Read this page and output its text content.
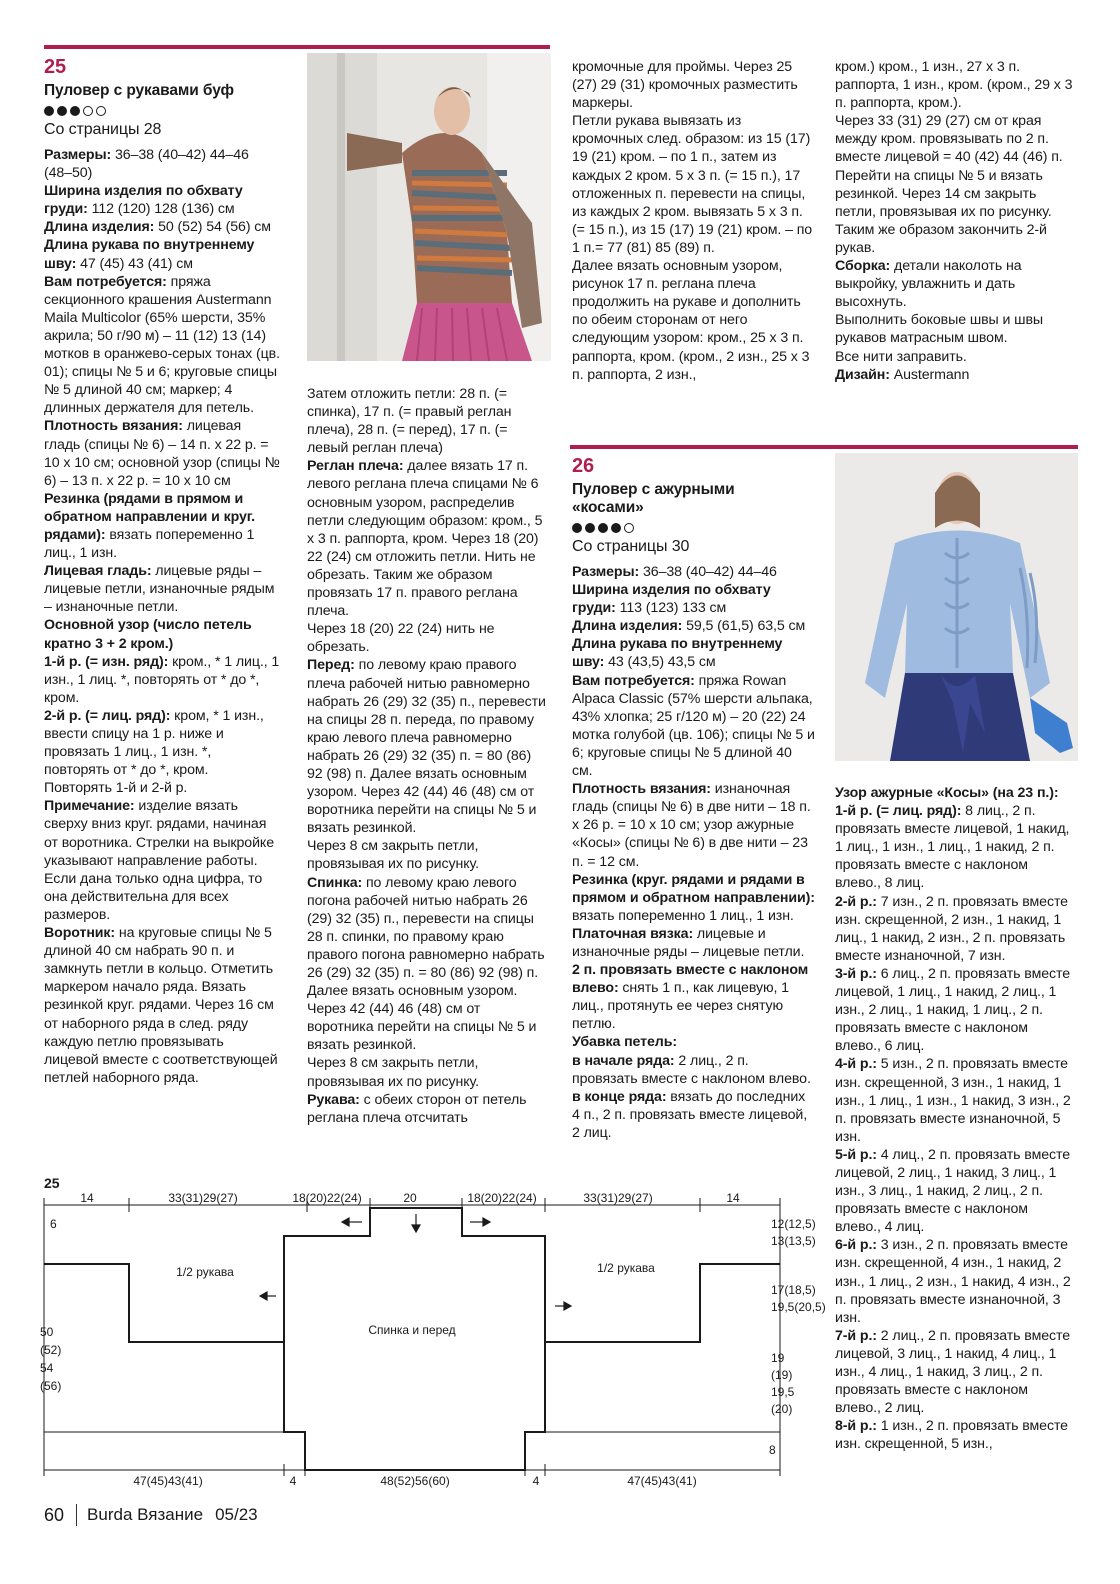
25
Пуловер с рукавами буф
Со страницы 28

Размеры: 36–38 (40–42) 44–46 (48–50)

Ширина изделия по обхвату груди: 112 (120) 128 (136) см

Длина изделия: 50 (52) 54 (56) см

Длина рукава по внутреннему шву: 47 (45) 43 (41) см

Вам потребуется: пряжа секционного крашения Austermann Maila Multicolor (65% шерсти, 35% акрила; 50 г/90 м) – 11 (12) 13 (14) мотков в оранжево-серых тонах (цв. 01); спицы № 5 и 6; круговые спицы № 5 длиной 40 см; маркер; 4 длинных держателя для петель.

Плотность вязания: лицевая гладь (спицы № 6) – 14 п. х 22 р. = 10 х 10 см; основной узор (спицы № 6) – 13 п. х 22 р. = 10 х 10 см

Резинка (рядами в прямом и обратном направлении и круг. рядами): вязать попеременно 1 лиц., 1 изн.

Лицевая гладь: лицевые ряды – лицевые петли, изнаночные рядым – изнаночные петли.

Основной узор (число петель кратно 3 + 2 кром.)

1-й р. (= изн. ряд): кром., * 1 лиц., 1 изн., 1 лиц. *, повторять от * до *, кром.

2-й р. (= лиц. ряд): кром, * 1 изн., ввести спицу на 1 р. ниже и провязать 1 лиц., 1 изн. *, повторять от * до *, кром. Повторять 1-й и 2-й р.

Примечание: изделие вязать сверху вниз круг. рядами, начиная от воротника. Стрелки на выкройке указывают направление работы. Если дана только одна цифра, то она действительна для всех размеров.

Воротник: на круговые спицы № 5 длиной 40 см набрать 90 п. и замкнуть петли в кольцо. Отметить маркером начало ряда. Вязать резинкой круг. рядами. Через 16 см от наборного ряда в след. ряду каждую петлю провязывать лицевой вместе с соответствующей петлей наборного ряда.

Затем отложить петли: 28 п. (= спинка), 17 п. (= правый реглан плеча), 28 п. (= перед), 17 п. (= левый реглан плеча)

Реглан плеча: далее вязать 17 п. левого реглана плеча спицами № 6 основным узором, распределив петли следующим образом: кром., 5 х 3 п. раппорта, кром. Через 18 (20) 22 (24) см отложить петли. Нить не обрезать. Таким же образом провязать 17 п. правого реглана плеча.

Через 18 (20) 22 (24) нить не обрезать.

Перед: по левому краю правого плеча рабочей нитью равномерно набрать 26 (29) 32 (35) п., перевести на спицы 28 п. переда, по правому краю левого плеча равномерно набрать 26 (29) 32 (35) п. = 80 (86) 92 (98) п. Далее вязать основным узором. Через 42 (44) 46 (48) см от воротника перейти на спицы № 5 и вязать резинкой.

Через 8 см закрыть петли, провязывая их по рисунку.

Спинка: по левому краю левого погона рабочей нитью набрать 26 (29) 32 (35) п., перевести на спицы 28 п. спинки, по правому краю правого погона равномерно набрать 26 (29) 32 (35) п. = 80 (86) 92 (98) п.

Далее вязать основным узором. Через 42 (44) 46 (48) см от воротника перейти на спицы № 5 и вязать резинкой.

Через 8 см закрыть петли, провязывая их по рисунку.

Рукава: с обеих сторон от петель реглана плеча отсчитать

кромочные для проймы. Через 25 (27) 29 (31) кромочных разместить маркеры.

Петли рукава вывязать из кромочных след. образом: из 15 (17) 19 (21) кром. – по 1 п., затем из каждых 2 кром. 5 х 3 п. (= 15 п.), 17 отложенных п. перевести на спицы, из каждых 2 кром. вывязать 5 х 3 п. (= 15 п.), из 15 (17) 19 (21) кром. – по 1 п.= 77 (81) 85 (89) п.

Далее вязать основным узором, рисунок 17 п. реглана плеча продолжить на рукаве и дополнить по обеим сторонам от него следующим узором: кром., 25 х 3 п. раппорта, кром. (кром., 2 изн., 25 х 3 п. раппорта, 2 изн.,

кром.) кром., 1 изн., 27 х 3 п. раппорта, 1 изн., кром. (кром., 29 х 3 п. раппорта, кром.).

Через 33 (31) 29 (27) см от края между кром. провязывать по 2 п. вместе лицевой = 40 (42) 44 (46) п.

Перейти на спицы № 5 и вязать резинкой. Через 14 см закрыть петли, провязывая их по рисунку. Таким же образом закончить 2-й рукав.

Сборка: детали наколоть на выкройку, увлажнить и дать высохнуть.

Выполнить боковые швы и швы рукавов матрасным швом.

Все нити заправить.

Дизайн: Austermann

26
Пуловер с ажурными «косами»
Со страницы 30

Размеры: 36–38 (40–42) 44–46

Ширина изделия по обхвату груди: 113 (123) 133 см

Длина изделия: 59,5 (61,5) 63,5 см

Длина рукава по внутреннему шву: 43 (43,5) 43,5 см

Вам потребуется: пряжа Rowan Alpaca Classic (57% шерсти альпака, 43% хлопка; 25 г/120 м) – 20 (22) 24 мотка голубой (цв. 106); спицы № 5 и 6; круговые спицы № 5 длиной 40 см.

Плотность вязания: изнаночная гладь (спицы № 6) в две нити – 18 п. х 26 р. = 10 х 10 см; узор ажурные «Косы» (спицы № 6) в две нити – 23 п. = 12 см.

Резинка (круг. рядами и рядами в прямом и обратном направлении): вязать попеременно 1 лиц., 1 изн.

Платочная вязка: лицевые и изнаночные ряды – лицевые петли.

2 п. провязать вместе с наклоном влево: снять 1 п., как лицевую, 1 лиц., протянуть ее через снятую петлю.

Убавка петель:

в начале ряда: 2 лиц., 2 п. провязать вместе с наклоном влево.

в конце ряда: вязать до последних 4 п., 2 п. провязать вместе лицевой, 2 лиц.

Узор ажурные «Косы» (на 23 п.):

1-й р. (= лиц. ряд): 8 лиц., 2 п. провязать вместе лицевой, 1 накид, 1 лиц., 1 изн., 1 лиц., 1 накид, 2 п. провязать вместе с наклоном влево., 8 лиц.

2-й р.: 7 изн., 2 п. провязать вместе изн. скрещенной, 2 изн., 1 накид, 1 лиц., 1 накид, 2 изн., 2 п. провязать вместе изнаночной, 7 изн.

3-й р.: 6 лиц., 2 п. провязать вместе лицевой, 1 лиц., 1 накид, 2 лиц., 1 изн., 2 лиц., 1 накид, 1 лиц., 2 п. провязать вместе с наклоном влево., 6 лиц.

4-й р.: 5 изн., 2 п. провязать вместе изн. скрещенной, 3 изн., 1 накид, 1 изн., 1 лиц., 1 изн., 1 накид, 3 изн., 2 п. провязать вместе изнаночной, 5 изн.

5-й р.: 4 лиц., 2 п. провязать вместе лицевой, 2 лиц., 1 накид, 3 лиц., 1 изн., 3 лиц., 1 накид, 2 лиц., 2 п. провязать вместе с наклоном влево., 4 лиц.

6-й р.: 3 изн., 2 п. провязать вместе изн. скрещенной, 4 изн., 1 накид, 2 изн., 1 лиц., 2 изн., 1 накид, 4 изн., 2 п. провязать вместе изнаночной, 3 изн.

7-й р.: 2 лиц., 2 п. провязать вместе лицевой, 3 лиц., 1 накид, 4 лиц., 1 изн., 4 лиц., 1 накид, 3 лиц., 2 п. провязать вместе с наклоном влево., 2 лиц.

8-й р.: 1 изн., 2 п. провязать вместе изн. скрещенной, 5 изн.,

25
14	33(31)29(27)	18(20)22(24)	20	18(20)22(24)	33(31)29(27)	14
1/2 рукава	1/2 рукава
Спинка и перед
6
50
(52)
54
(56)
12(12,5)
13(13,5)
17(18,5)
19,5(20,5)
19
(19)
19,5
(20)
8
47(45)43(41)	4	48(52)56(60)	4	47(45)43(41)
60 Burda Вязание 05/23
